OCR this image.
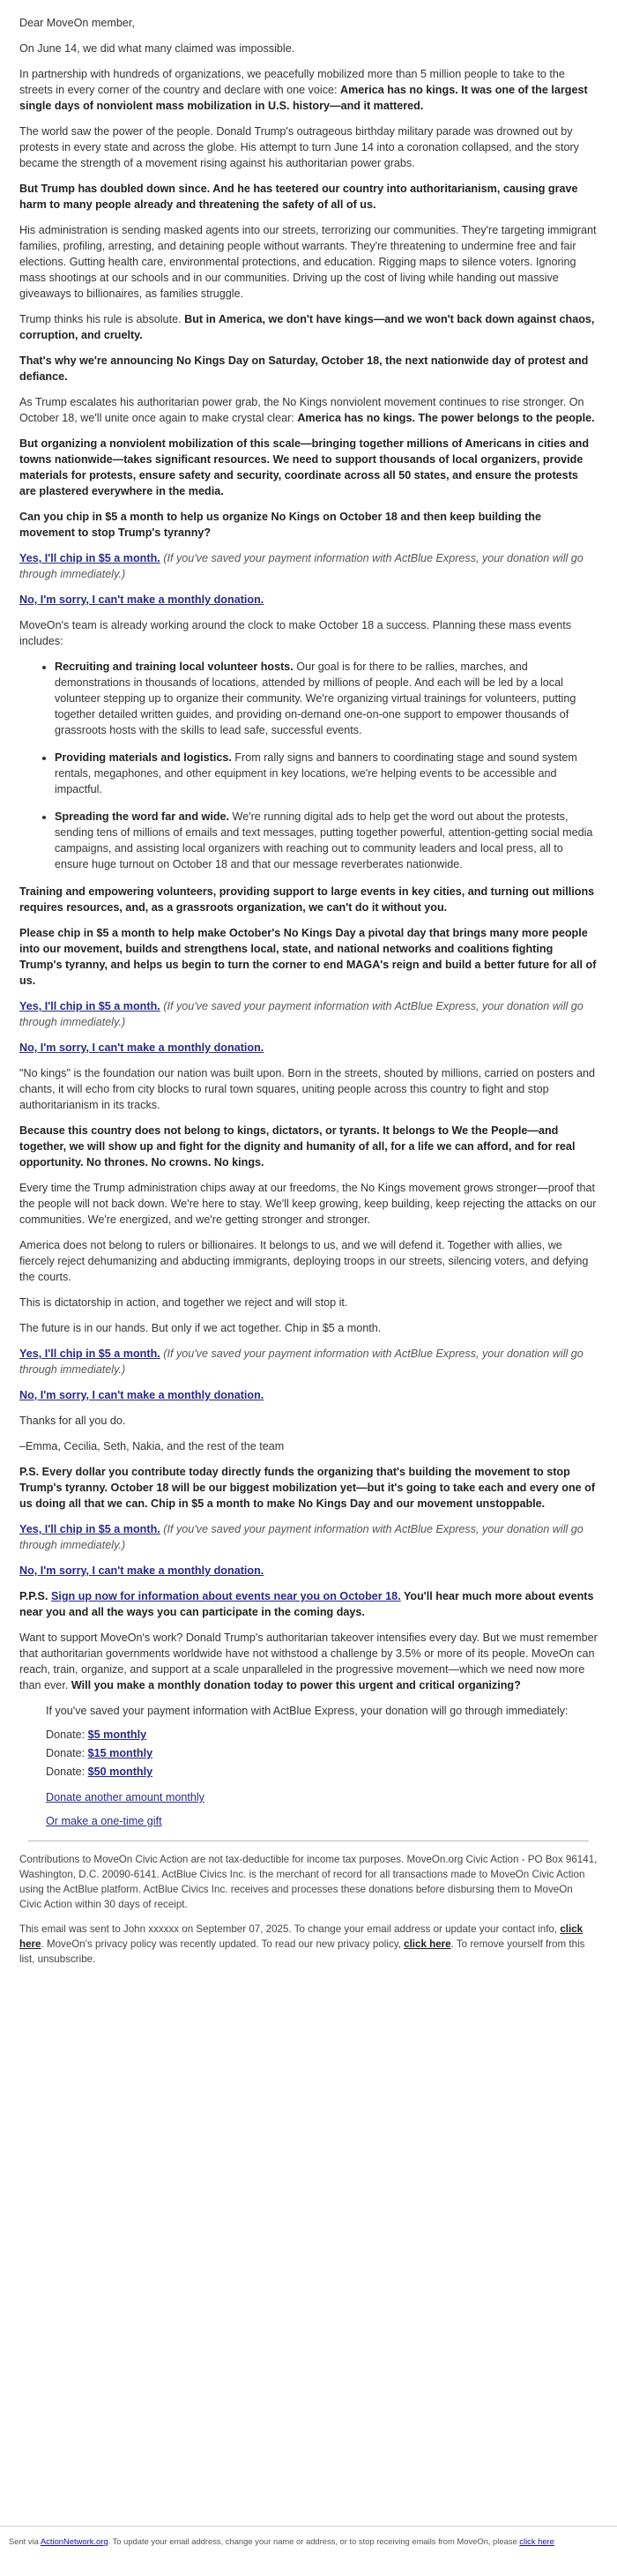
Dear MoveOn member,

On June 14, we did what many claimed was impossible.

In partnership with hundreds of organizations, we peacefully mobilized more than 5 million people to take to the streets in every corner of the country and declare with one voice: America has no kings. It was one of the largest single days of nonviolent mass mobilization in U.S. history—and it mattered.

The world saw the power of the people. Donald Trump's outrageous birthday military parade was drowned out by protests in every state and across the globe. His attempt to turn June 14 into a coronation collapsed, and the story became the strength of a movement rising against his authoritarian power grabs.

But Trump has doubled down since. And he has teetered our country into authoritarianism, causing grave harm to many people already and threatening the safety of all of us.

His administration is sending masked agents into our streets, terrorizing our communities. They're targeting immigrant families, profiling, arresting, and detaining people without warrants. They're threatening to undermine free and fair elections. Gutting health care, environmental protections, and education. Rigging maps to silence voters. Ignoring mass shootings at our schools and in our communities. Driving up the cost of living while handing out massive giveaways to billionaires, as families struggle.

Trump thinks his rule is absolute. But in America, we don't have kings—and we won't back down against chaos, corruption, and cruelty.

That's why we're announcing No Kings Day on Saturday, October 18, the next nationwide day of protest and defiance.

As Trump escalates his authoritarian power grab, the No Kings nonviolent movement continues to rise stronger. On October 18, we'll unite once again to make crystal clear: America has no kings. The power belongs to the people.

But organizing a nonviolent mobilization of this scale—bringing together millions of Americans in cities and towns nationwide—takes significant resources. We need to support thousands of local organizers, provide materials for protests, ensure safety and security, coordinate across all 50 states, and ensure the protests are plastered everywhere in the media.

Can you chip in $5 a month to help us organize No Kings on October 18 and then keep building the movement to stop Trump's tyranny?

Yes, I'll chip in $5 a month. (If you've saved your payment information with ActBlue Express, your donation will go through immediately.)

No, I'm sorry, I can't make a monthly donation.

MoveOn's team is already working around the clock to make October 18 a success. Planning these mass events includes:

• Recruiting and training local volunteer hosts. Our goal is for there to be rallies, marches, and demonstrations in thousands of locations, attended by millions of people. And each will be led by a local volunteer stepping up to organize their community. We're organizing virtual trainings for volunteers, putting together detailed written guides, and providing on-demand one-on-one support to empower thousands of grassroots hosts with the skills to lead safe, successful events.
• Providing materials and logistics. From rally signs and banners to coordinating stage and sound system rentals, megaphones, and other equipment in key locations, we're helping events to be accessible and impactful.
• Spreading the word far and wide. We're running digital ads to help get the word out about the protests, sending tens of millions of emails and text messages, putting together powerful, attention-getting social media campaigns, and assisting local organizers with reaching out to community leaders and local press, all to ensure huge turnout on October 18 and that our message reverberates nationwide.

Training and empowering volunteers, providing support to large events in key cities, and turning out millions requires resources, and, as a grassroots organization, we can't do it without you.

Please chip in $5 a month to help make October's No Kings Day a pivotal day that brings many more people into our movement, builds and strengthens local, state, and national networks and coalitions fighting Trump's tyranny, and helps us begin to turn the corner to end MAGA's reign and build a better future for all of us.

Yes, I'll chip in $5 a month. (If you've saved your payment information with ActBlue Express, your donation will go through immediately.)

No, I'm sorry, I can't make a monthly donation.

"No kings" is the foundation our nation was built upon. Born in the streets, shouted by millions, carried on posters and chants, it will echo from city blocks to rural town squares, uniting people across this country to fight and stop authoritarianism in its tracks.

Because this country does not belong to kings, dictators, or tyrants. It belongs to We the People—and together, we will show up and fight for the dignity and humanity of all, for a life we can afford, and for real opportunity. No thrones. No crowns. No kings.

Every time the Trump administration chips away at our freedoms, the No Kings movement grows stronger—proof that the people will not back down. We're here to stay. We'll keep growing, keep building, keep rejecting the attacks on our communities. We're energized, and we're getting stronger and stronger.

America does not belong to rulers or billionaires. It belongs to us, and we will defend it. Together with allies, we fiercely reject dehumanizing and abducting immigrants, deploying troops in our streets, silencing voters, and defying the courts.

This is dictatorship in action, and together we reject and will stop it.

The future is in our hands. But only if we act together. Chip in $5 a month.

Yes, I'll chip in $5 a month. (If you've saved your payment information with ActBlue Express, your donation will go through immediately.)

No, I'm sorry, I can't make a monthly donation.

Thanks for all you do.

–Emma, Cecilia, Seth, Nakia, and the rest of the team

P.S. Every dollar you contribute today directly funds the organizing that's building the movement to stop Trump's tyranny. October 18 will be our biggest mobilization yet—but it's going to take each and every one of us doing all that we can. Chip in $5 a month to make No Kings Day and our movement unstoppable.

Yes, I'll chip in $5 a month. (If you've saved your payment information with ActBlue Express, your donation will go through immediately.)

No, I'm sorry, I can't make a monthly donation.

P.P.S. Sign up now for information about events near you on October 18. You'll hear much more about events near you and all the ways you can participate in the coming days.

Want to support MoveOn's work? Donald Trump's authoritarian takeover intensifies every day. But we must remember that authoritarian governments worldwide have not withstood a challenge by 3.5% or more of its people. MoveOn can reach, train, organize, and support at a scale unparalleled in the progressive movement—which we need now more than ever. Will you make a monthly donation today to power this urgent and critical organizing?

If you've saved your payment information with ActBlue Express, your donation will go through immediately:

Donate: $5 monthly
Donate: $15 monthly
Donate: $50 monthly

Donate another amount monthly

Or make a one-time gift

Contributions to MoveOn Civic Action are not tax-deductible for income tax purposes. MoveOn.org Civic Action - PO Box 96141, Washington, D.C. 20090-6141. ActBlue Civics Inc. is the merchant of record for all transactions made to MoveOn Civic Action using the ActBlue platform. ActBlue Civics Inc. receives and processes these donations before disbursing them to MoveOn Civic Action within 30 days of receipt.

This email was sent to John xxxxxx on September 07, 2025. To change your email address or update your contact info, click here. MoveOn's privacy policy was recently updated. To read our new privacy policy, click here. To remove yourself from this list, unsubscribe.

Sent via ActionNetwork.org. To update your email address, change your name or address, or to stop receiving emails from MoveOn, please click here
